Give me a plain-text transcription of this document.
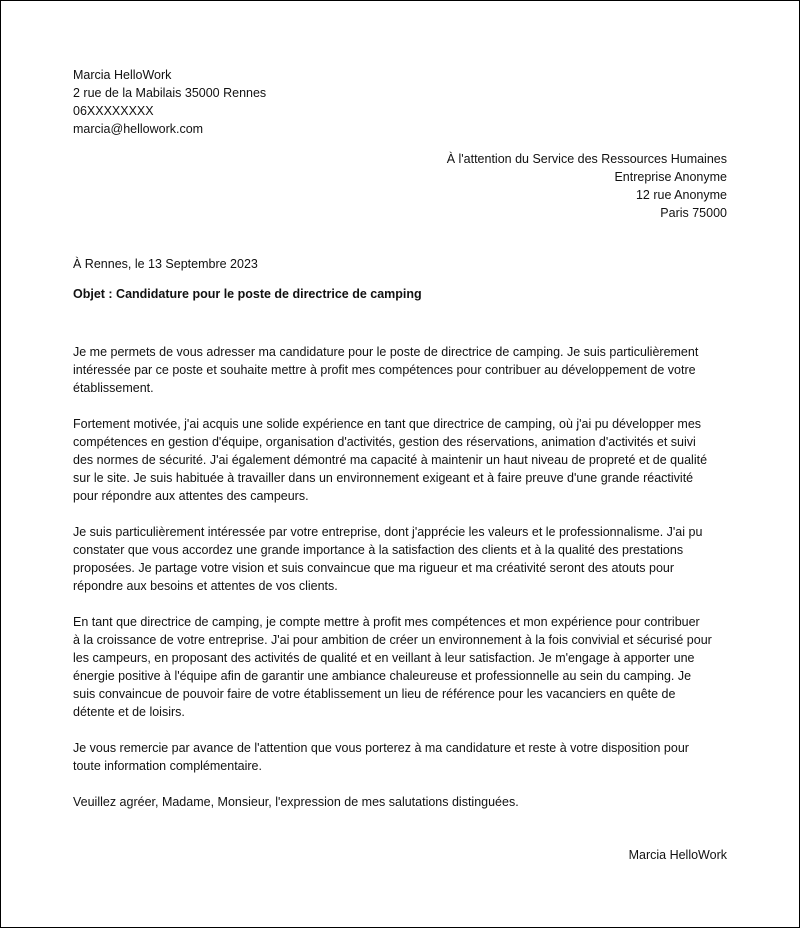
Marcia HelloWork
2 rue de la Mabilais 35000 Rennes
06XXXXXXXX
marcia@hellowork.com
À l'attention du Service des Ressources Humaines
Entreprise Anonyme
12 rue Anonyme
Paris 75000
À Rennes, le 13 Septembre 2023
Objet : Candidature pour le poste de directrice de camping

Je me permets de vous adresser ma candidature pour le poste de directrice de camping. Je suis particulièrement
intéressée par ce poste et souhaite mettre à profit mes compétences pour contribuer au développement de votre
établissement.

Fortement motivée, j'ai acquis une solide expérience en tant que directrice de camping, où j'ai pu développer mes
compétences en gestion d'équipe, organisation d'activités, gestion des réservations, animation d'activités et suivi
des normes de sécurité. J'ai également démontré ma capacité à maintenir un haut niveau de propreté et de qualité
sur le site. Je suis habituée à travailler dans un environnement exigeant et à faire preuve d'une grande réactivité
pour répondre aux attentes des campeurs.

Je suis particulièrement intéressée par votre entreprise, dont j'apprécie les valeurs et le professionnalisme. J'ai pu
constater que vous accordez une grande importance à la satisfaction des clients et à la qualité des prestations
proposées. Je partage votre vision et suis convaincue que ma rigueur et ma créativité seront des atouts pour
répondre aux besoins et attentes de vos clients.

En tant que directrice de camping, je compte mettre à profit mes compétences et mon expérience pour contribuer
à la croissance de votre entreprise. J'ai pour ambition de créer un environnement à la fois convivial et sécurisé pour
les campeurs, en proposant des activités de qualité et en veillant à leur satisfaction. Je m'engage à apporter une
énergie positive à l'équipe afin de garantir une ambiance chaleureuse et professionnelle au sein du camping. Je
suis convaincue de pouvoir faire de votre établissement un lieu de référence pour les vacanciers en quête de
détente et de loisirs.

Je vous remercie par avance de l'attention que vous porterez à ma candidature et reste à votre disposition pour
toute information complémentaire.

Veuillez agréer, Madame, Monsieur, l'expression de mes salutations distinguées.

Marcia HelloWork
